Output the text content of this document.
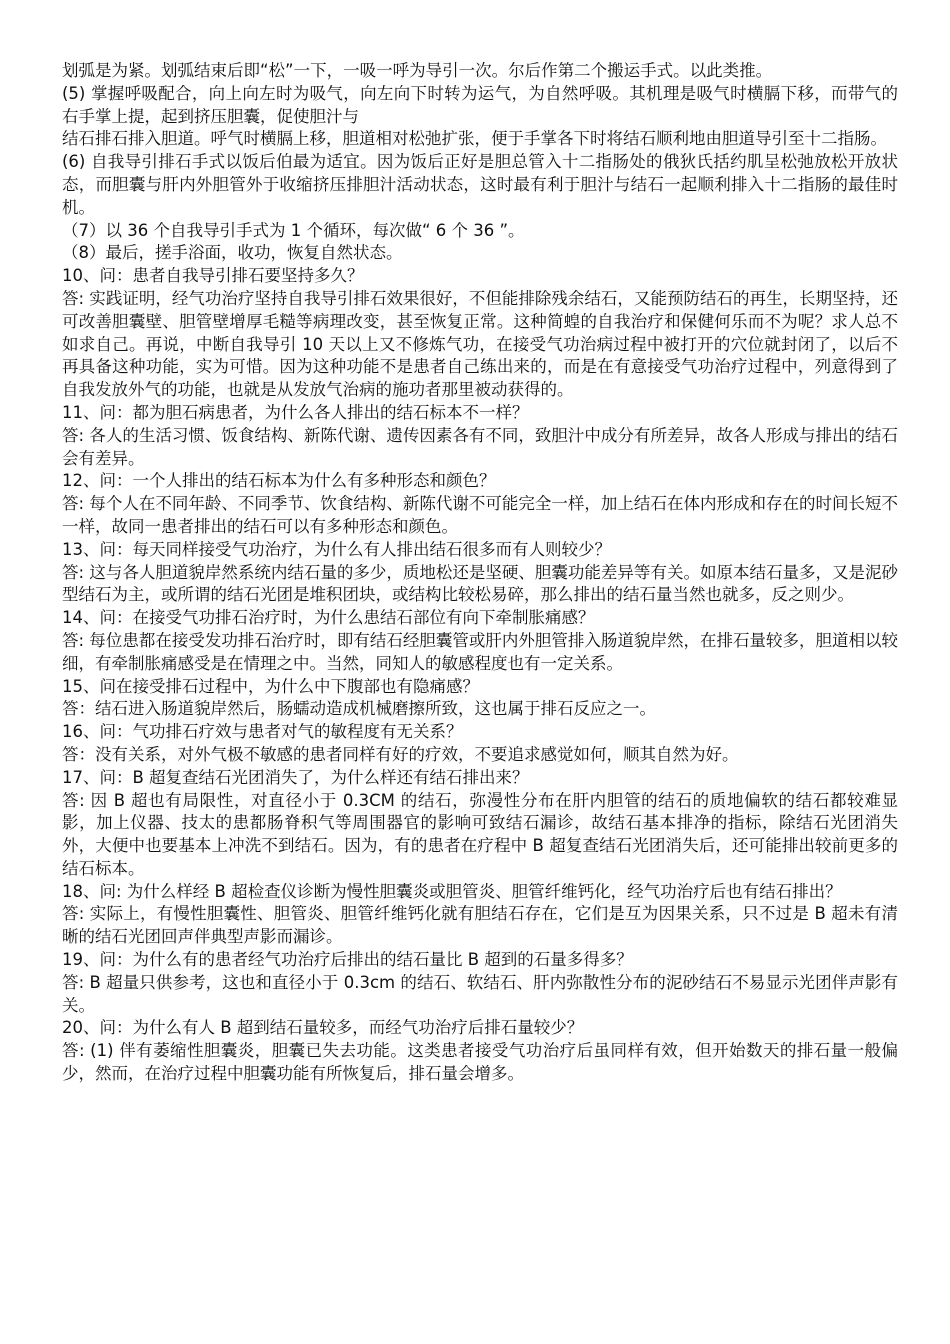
划弧是为紧。划弧结束后即“松”一下，一吸一呼为导引一次。尔后作第二个搬运手式。以此类推。

(5) 掌握呼吸配合，向上向左时为吸气，向左向下时转为运气，为自然呼吸。其机理是吸气时横膈下移，而带气的右手掌上提，起到挤压胆囊，促使胆汁与

结石排石排入胆道。呼气时横膈上移，胆道相对松弛扩张，便于手掌各下时将结石顺利地由胆道导引至十二指肠。

(6) 自我导引排石手式以饭后伯最为适宜。因为饭后正好是胆总管入十二指肠处的俄狄氏括约肌呈松弛放松开放状态，而胆囊与肝内外胆管外于收缩挤压排胆汁活动状态，这时最有利于胆汁与结石一起顺利排入十二指肠的最佳时机。

（7）以 36 个自我导引手式为 1 个循环，每次做“ 6 个 36 ”。

（8）最后，搓手浴面，收功，恢复自然状态。

10、问：患者自我导引排石要坚持多久？

答: 实践证明，经气功治疗坚持自我导引排石效果很好，不但能排除残余结石，又能预防结石的再生，长期坚持，还可改善胆囊壁、胆管壁增厚毛糙等病理改变，甚至恢复正常。这种简蝗的自我治疗和保健何乐而不为呢？求人总不如求自己。再说，中断自我导引 10 天以上又不修炼气功，在接受气功治病过程中被打开的穴位就封闭了，以后不再具备这种功能，实为可惜。因为这种功能不是患者自己练出来的，而是在有意接受气功治疗过程中，列意得到了自我发放外气的功能，也就是从发放气治病的施功者那里被动获得的。

11、问：都为胆石病患者，为什么各人排出的结石标本不一样？

答: 各人的生活习惯、饭食结构、新陈代谢、遗传因素各有不同，致胆汁中成分有所差异，故各人形成与排出的结石会有差异。

12、问：一个人排出的结石标本为什么有多种形态和颜色？

答: 每个人在不同年龄、不同季节、饮食结构、新陈代谢不可能完全一样，加上结石在体内形成和存在的时间长短不一样，故同一患者排出的结石可以有多种形态和颜色。

13、问：每天同样接受气功治疗，为什么有人排出结石很多而有人则较少？

答: 这与各人胆道貌岸然系统内结石量的多少，质地松还是坚硬、胆囊功能差异等有关。如原本结石量多，又是泥砂型结石为主，或所谓的结石光团是堆积团块，或结构比较松易碎，那么排出的结石量当然也就多，反之则少。

14、问：在接受气功排石治疗时，为什么患结石部位有向下牵制胀痛感？

答: 每位患都在接受发功排石治疗时，即有结石经胆囊管或肝内外胆管排入肠道貌岸然，在排石量较多，胆道相以较细，有牵制胀痛感受是在情理之中。当然，同知人的敏感程度也有一定关系。

15、问在接受排石过程中，为什么中下腹部也有隐痛感？

答：结石进入肠道貌岸然后，肠蠕动造成机械磨擦所致，这也属于排石反应之一。

16、问：气功排石疗效与患者对气的敏程度有无关系？

答：没有关系，对外气极不敏感的患者同样有好的疗效，不要追求感觉如何，顺其自然为好。

17、问：B 超复查结石光团消失了，为什么样还有结石排出来？

答: 因 B 超也有局限性，对直径小于 0.3CM 的结石，弥漫性分布在肝内胆管的结石的质地偏软的结石都较难显影，加上仪器、技太的患都肠脊积气等周围器官的影响可致结石漏诊，故结石基本排净的指标，除结石光团消失外，大便中也要基本上冲洗不到结石。因为，有的患者在疗程中 B 超复查结石光团消失后，还可能排出较前更多的结石标本。

18、问: 为什么样经 B 超检查仪诊断为慢性胆囊炎或胆管炎、胆管纤维钙化，经气功治疗后也有结石排出？

答: 实际上，有慢性胆囊性、胆管炎、胆管纤维钙化就有胆结石存在，它们是互为因果关系，只不过是 B 超未有清晰的结石光团回声伴典型声影而漏诊。

19、问：为什么有的患者经气功治疗后排出的结石量比 B 超到的石量多得多？

答: B 超量只供参考，这也和直径小于 0.3cm 的结石、软结石、肝内弥散性分布的泥砂结石不易显示光团伴声影有关。

20、问：为什么有人 B 超到结石量较多，而经气功治疗后排石量较少？

答: (1) 伴有萎缩性胆囊炎，胆囊已失去功能。这类患者接受气功治疗后虽同样有效，但开始数天的排石量一般偏少，然而，在治疗过程中胆囊功能有所恢复后，排石量会增多。
